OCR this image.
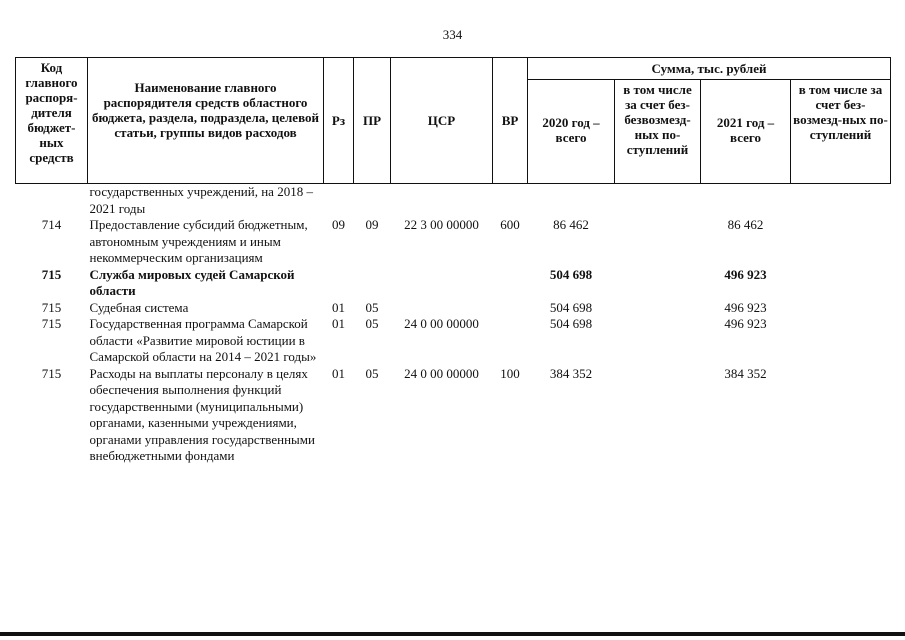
334
Код главного распоря-дителя бюджет-ных средств	Наименование главного распорядителя средств областного бюджета, раздела, подраздела, целевой статьи, группы видов расходов	Рз	ПР	ЦСР	ВР	Сумма, тыс. рублей			
						2020 год – всего	в том числе за счет без-безвозмезд-ных по-ступлений	2021 год – всего	в том числе за счет без-возмезд-ных по-ступлений
	государственных учреждений, на 2018 – 2021 годы								
714	Предоставление субсидий бюджетным, автономным учреждениям и иным некоммерческим организациям	09	09	22 3 00 00000	600	86 462		86 462	
715	Служба мировых судей Самарской области					504 698		496 923	
715	Судебная система	01	05			504 698		496 923	
715	Государственная программа Самарской области «Развитие мировой юстиции в Самарской области на 2014 – 2021 годы»	01	05	24 0 00 00000		504 698		496 923	
715	Расходы на выплаты персоналу в целях обеспечения выполнения функций государственными (муниципальными) органами, казенными учреждениями, органами управления государственными внебюджетными фондами	01	05	24 0 00 00000	100	384 352		384 352	
